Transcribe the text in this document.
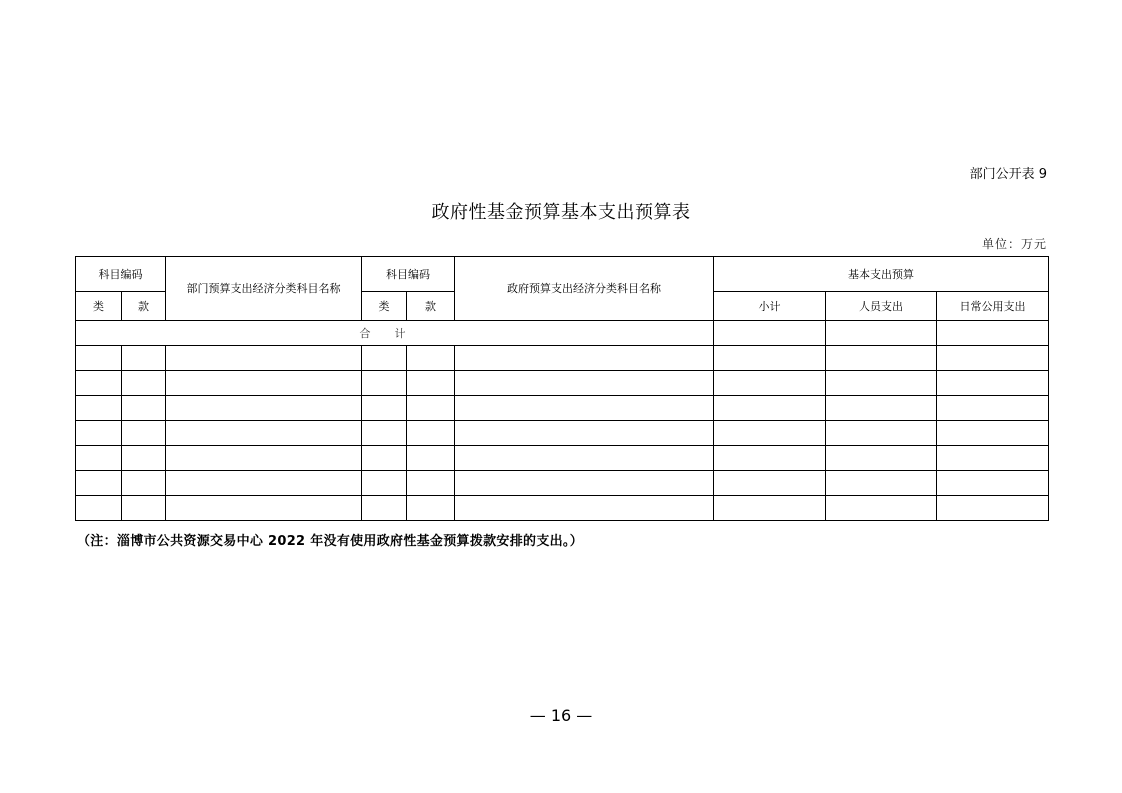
部门公开表 9
政府性基金预算基本支出预算表
单位：万元
科目编码		部门预算支出经济分类科目名称	科目编码		政府预算支出经济分类科目名称	基本支出预算		
类	款		类	款		小计	人员支出	日常公用支出
合计								

（注：淄博市公共资源交易中心 2022 年没有使用政府性基金预算拨款安排的支出。）
— 16 —
